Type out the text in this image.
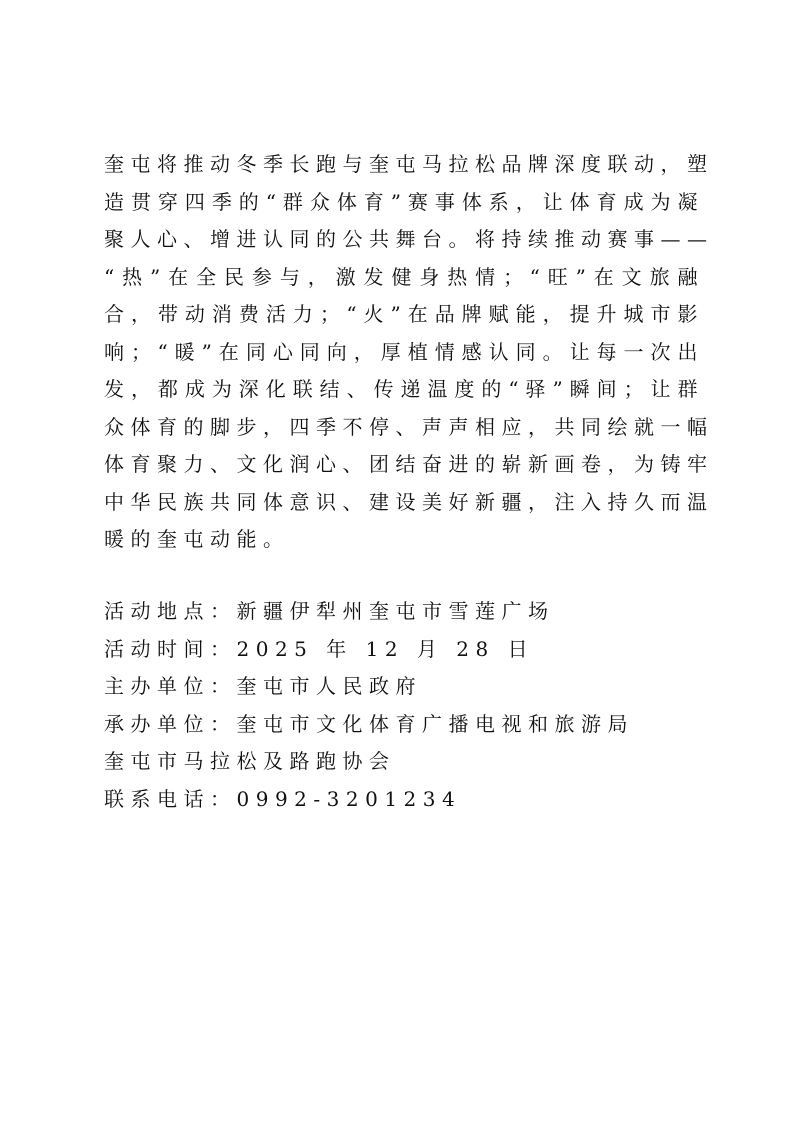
奎屯将推动冬季长跑与奎屯马拉松品牌深度联动，塑
造贯穿四季的“群众体育”赛事体系，让体育成为凝
聚人心、增进认同的公共舞台。将持续推动赛事——
“热”在全民参与，激发健身热情；“旺”在文旅融
合，带动消费活力；“火”在品牌赋能，提升城市影
响；“暖”在同心同向，厚植情感认同。让每一次出
发，都成为深化联结、传递温度的“驿”瞬间；让群
众体育的脚步，四季不停、声声相应，共同绘就一幅
体育聚力、文化润心、团结奋进的崭新画卷，为铸牢
中华民族共同体意识、建设美好新疆，注入持久而温
暖的奎屯动能。
活动地点：新疆伊犁州奎屯市雪莲广场
活动时间：2025 年 12 月 28 日
主办单位：奎屯市人民政府
承办单位：奎屯市文化体育广播电视和旅游局
奎屯市马拉松及路跑协会
联系电话：0992-3201234
